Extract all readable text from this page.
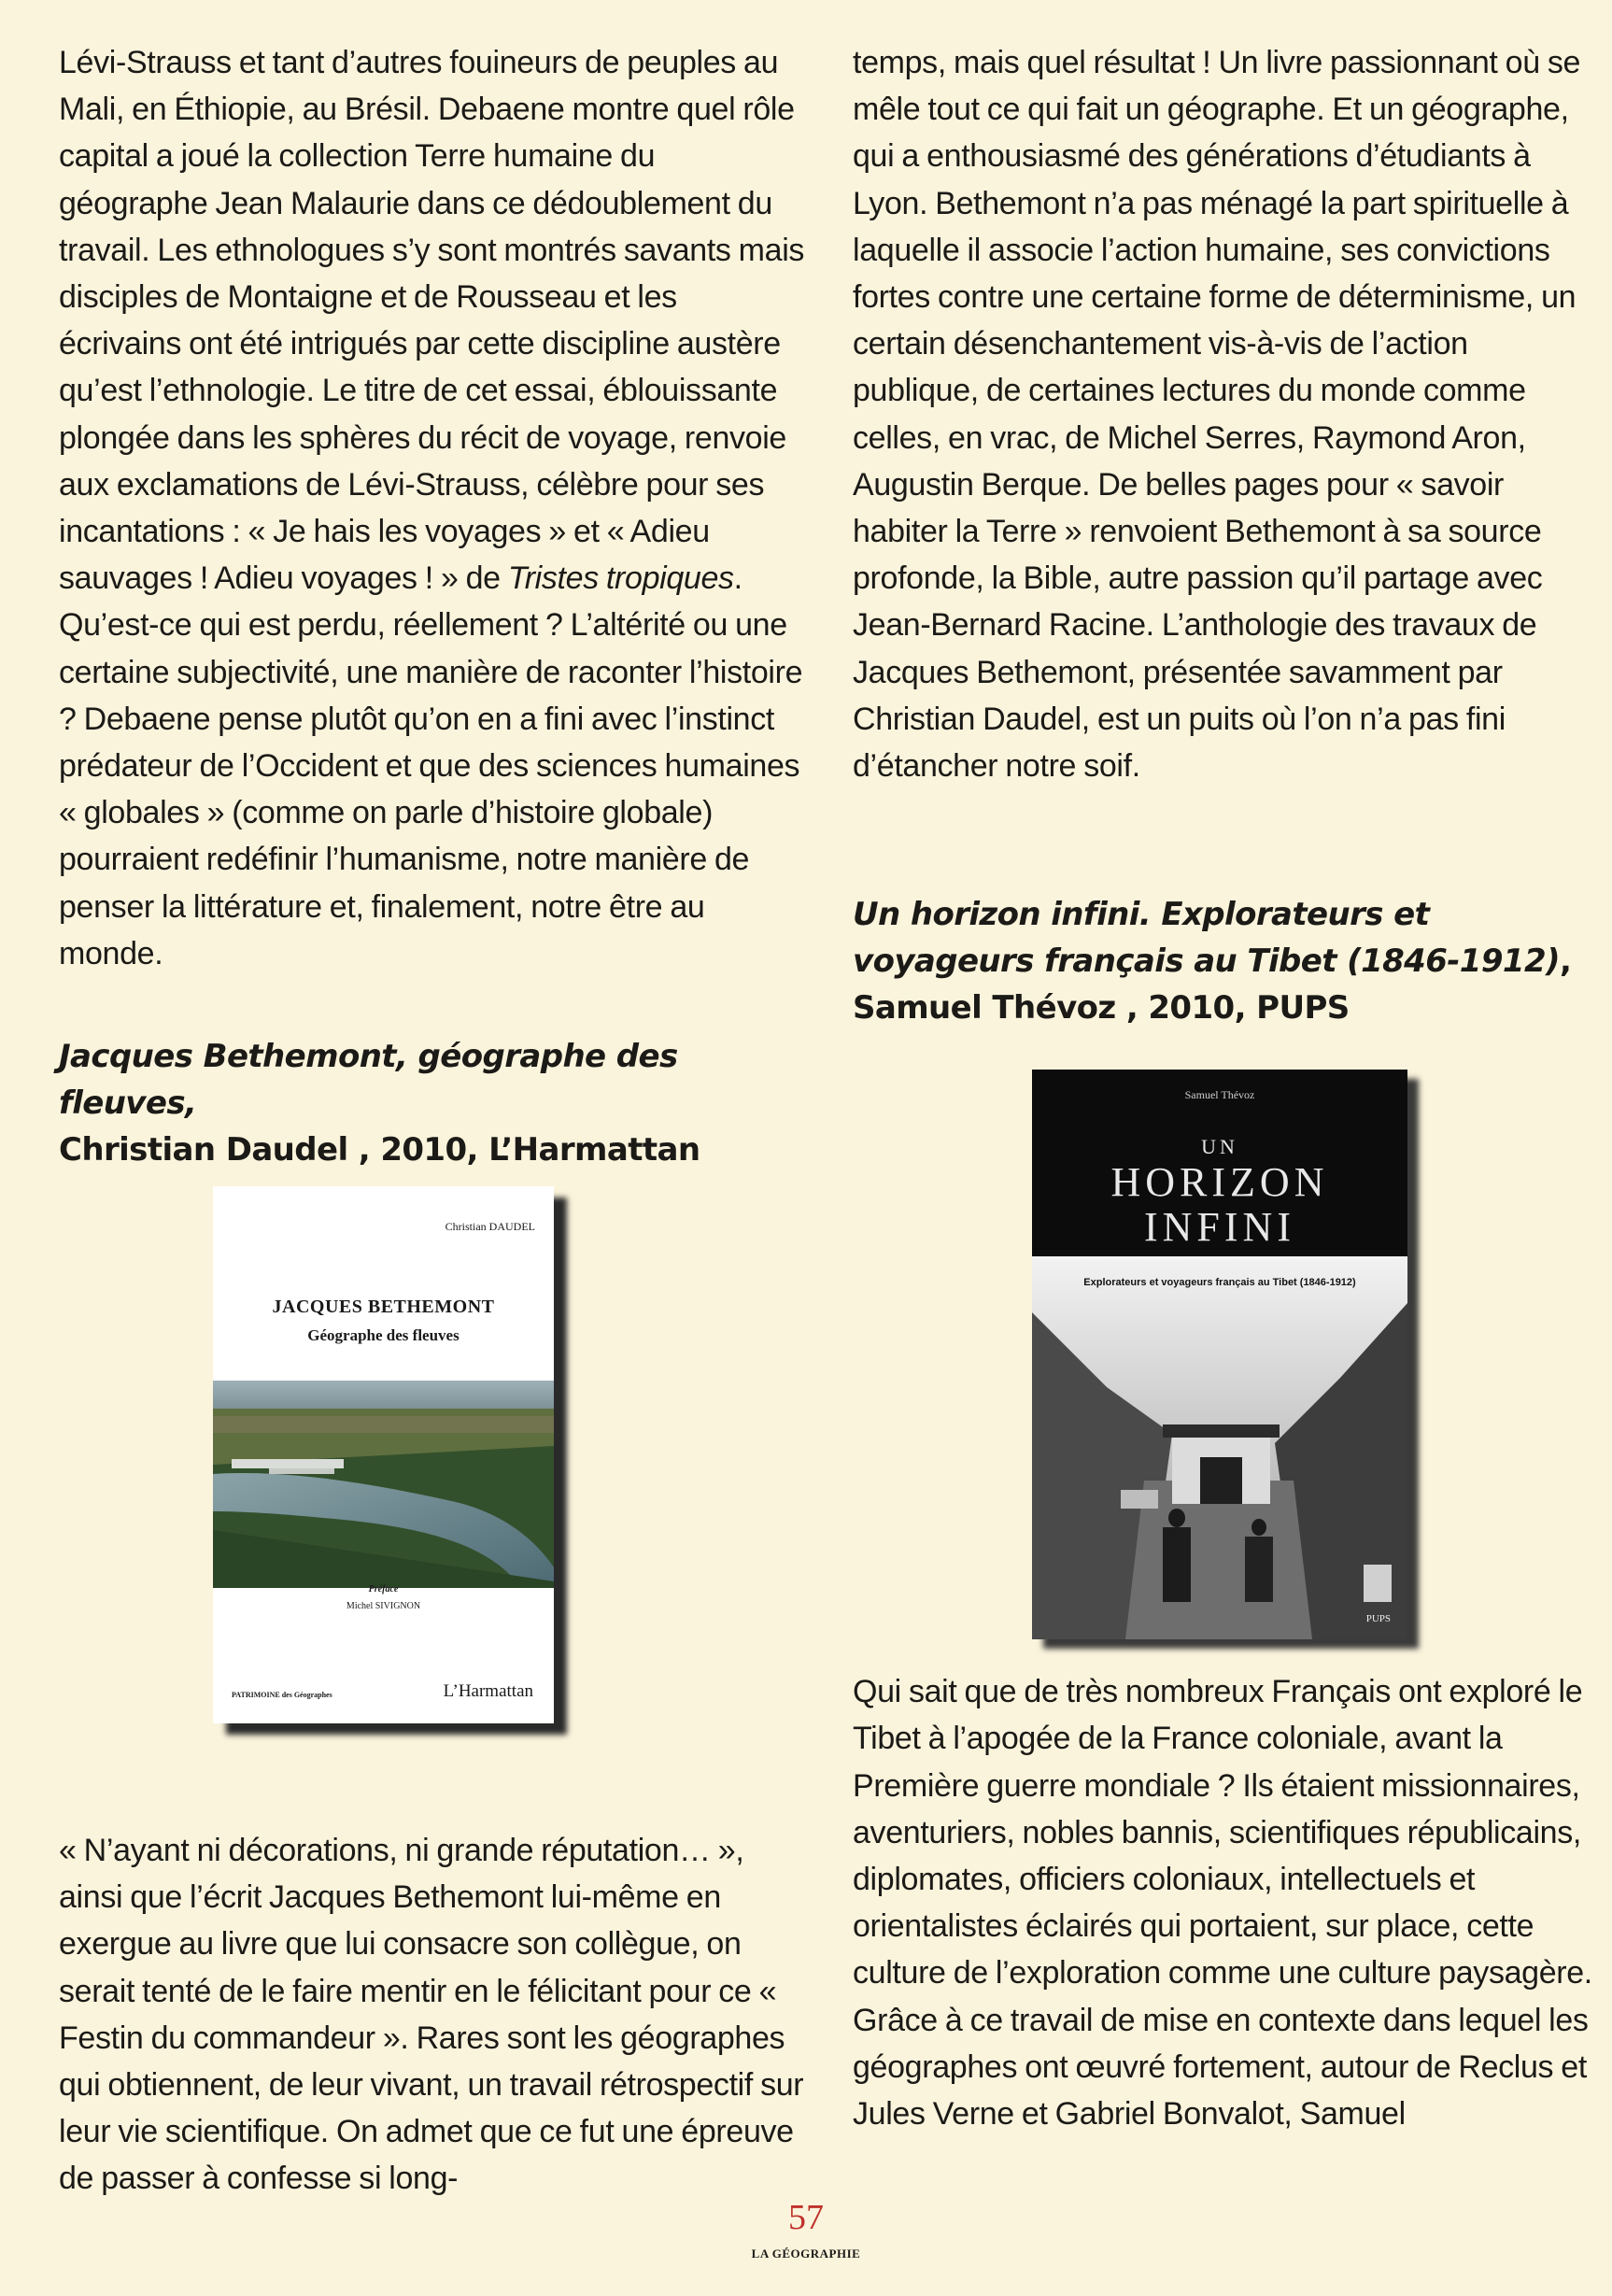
Lévi-Strauss et tant d’autres fouineurs de peuples au Mali, en Éthiopie, au Brésil. Debaene montre quel rôle capital a joué la collection Terre humaine du géographe Jean Malaurie dans ce dédoublement du travail. Les ethnologues s’y sont montrés savants mais disciples de Montaigne et de Rousseau et les écrivains ont été intrigués par cette discipline austère qu’est l’ethnologie. Le titre de cet essai, éblouissante plongée dans les sphères du récit de voyage, renvoie aux exclamations de Lévi-Strauss, célèbre pour ses incantations : « Je hais les voyages » et « Adieu sauvages ! Adieu voyages ! » de Tristes tropiques. Qu’est-ce qui est perdu, réellement ? L’altérité ou une certaine subjectivité, une manière de raconter l’histoire ? Debaene pense plutôt qu’on en a fini avec l’instinct prédateur de l’Occident et que des sciences humaines « globales » (comme on parle d’histoire globale) pourraient redéfinir l’humanisme, notre manière de penser la littérature et, finalement, notre être au monde.

Jacques Bethemont, géographe des fleuves,
Christian Daudel , 2010, L’Harmattan

« N’ayant ni décorations, ni grande réputation… », ainsi que l’écrit Jacques Bethemont lui-même en exergue au livre que lui consacre son collègue, on serait tenté de le faire mentir en le félicitant pour ce « Festin du commandeur ». Rares sont les géographes qui obtiennent, de leur vivant, un travail rétrospectif sur leur vie scientifique. On admet que ce fut une épreuve de passer à confesse si long-

temps, mais quel résultat ! Un livre passionnant où se mêle tout ce qui fait un géographe. Et un géographe, qui a enthousiasmé des générations d’étudiants à Lyon. Bethemont n’a pas ménagé la part spirituelle à laquelle il associe l’action humaine, ses convictions fortes contre une certaine forme de déterminisme, un certain désenchantement vis-à-vis de l’action publique, de certaines lectures du monde comme celles, en vrac, de Michel Serres, Raymond Aron, Augustin Berque. De belles pages pour « savoir habiter la Terre » renvoient Bethemont à sa source profonde, la Bible, autre passion qu’il partage avec Jean-Bernard Racine. L’anthologie des travaux de Jacques Bethemont, présentée savamment par Christian Daudel, est un puits où l’on n’a pas fini d’étancher notre soif.

Un horizon infini. Explorateurs et voyageurs français au Tibet (1846-1912), Samuel Thévoz , 2010, PUPS

Qui sait que de très nombreux Français ont exploré le Tibet à l’apogée de la France coloniale, avant la Première guerre mondiale ? Ils étaient missionnaires, aventuriers, nobles bannis, scientifiques républicains, diplomates, officiers coloniaux, intellectuels et orientalistes éclairés qui portaient, sur place, cette culture de l’exploration comme une culture paysagère. Grâce à ce travail de mise en contexte dans lequel les géographes ont œuvré fortement, autour de Reclus et Jules Verne et Gabriel Bonvalot, Samuel

Christian DAUDEL
JACQUES BETHEMONT
Géographe des fleuves
Préface
Michel SIVIGNON
PATRIMOINE des Géographes	L’Harmattan
Samuel Thévoz
UN
HORIZON
INFINI
Explorateurs et voyageurs français au Tibet (1846-1912)
PUPS
57
LA GÉOGRAPHIE
